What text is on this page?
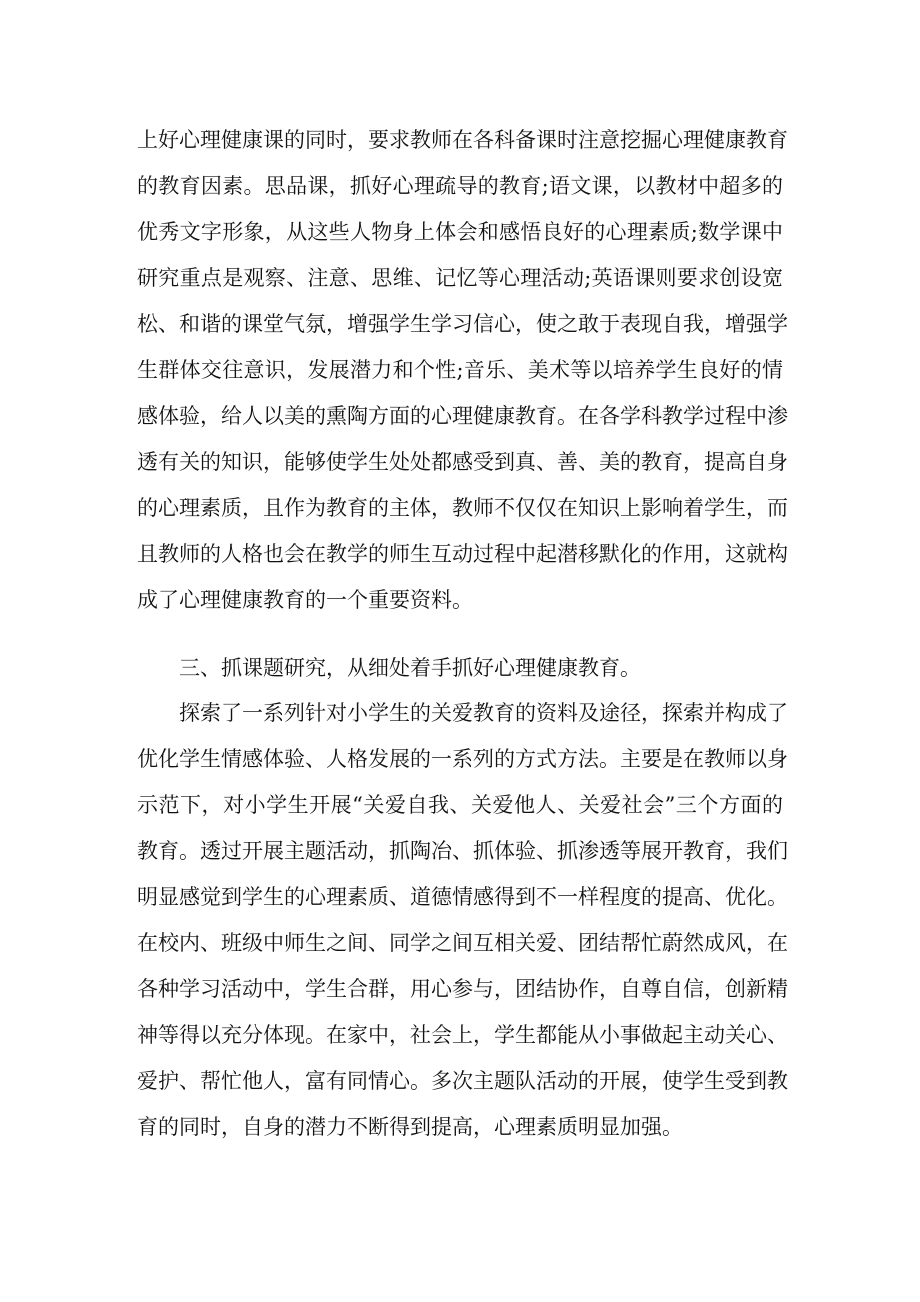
上好心理健康课的同时，要求教师在各科备课时注意挖掘心理健康教育
的教育因素。思品课，抓好心理疏导的教育;语文课，以教材中超多的
优秀文字形象，从这些人物身上体会和感悟良好的心理素质;数学课中
研究重点是观察、注意、思维、记忆等心理活动;英语课则要求创设宽
松、和谐的课堂气氛，增强学生学习信心，使之敢于表现自我，增强学
生群体交往意识，发展潜力和个性;音乐、美术等以培养学生良好的情
感体验，给人以美的熏陶方面的心理健康教育。在各学科教学过程中渗
透有关的知识，能够使学生处处都感受到真、善、美的教育，提高自身
的心理素质，且作为教育的主体，教师不仅仅在知识上影响着学生，而
且教师的人格也会在教学的师生互动过程中起潜移默化的作用，这就构
成了心理健康教育的一个重要资料。
三、抓课题研究，从细处着手抓好心理健康教育。
探索了一系列针对小学生的关爱教育的资料及途径，探索并构成了
优化学生情感体验、人格发展的一系列的方式方法。主要是在教师以身
示范下，对小学生开展“关爱自我、关爱他人、关爱社会”三个方面的
教育。透过开展主题活动，抓陶冶、抓体验、抓渗透等展开教育，我们
明显感觉到学生的心理素质、道德情感得到不一样程度的提高、优化。
在校内、班级中师生之间、同学之间互相关爱、团结帮忙蔚然成风，在
各种学习活动中，学生合群，用心参与，团结协作，自尊自信，创新精
神等得以充分体现。在家中，社会上，学生都能从小事做起主动关心、
爱护、帮忙他人，富有同情心。多次主题队活动的开展，使学生受到教
育的同时，自身的潜力不断得到提高，心理素质明显加强。
